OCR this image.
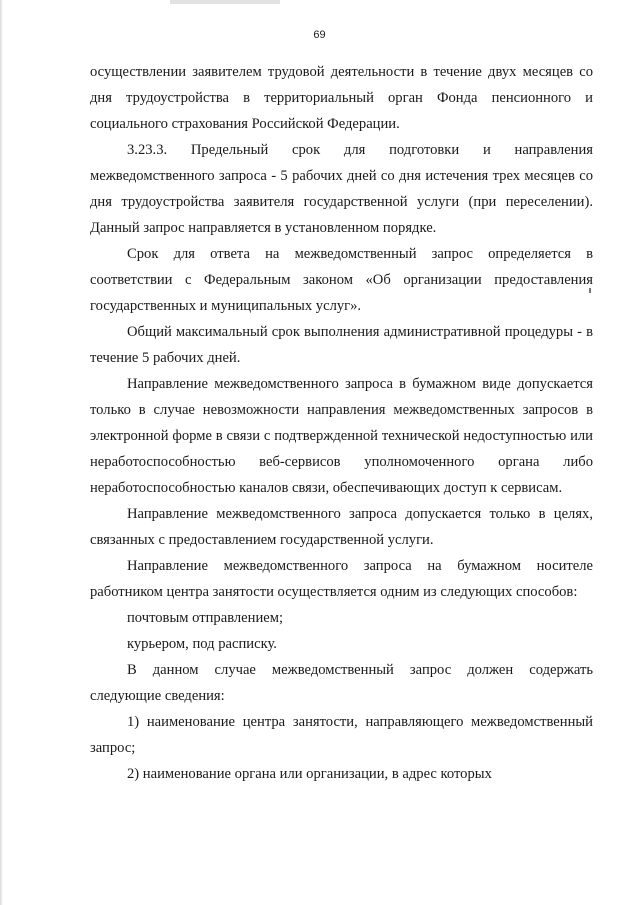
69

осуществлении заявителем трудовой деятельности в течение двух месяцев со дня трудоустройства в территориальный орган Фонда пенсионного и социального страхования Российской Федерации.

3.23.3. Предельный срок для подготовки и направления межведомственного запроса - 5 рабочих дней со дня истечения трех месяцев со дня трудоустройства заявителя государственной услуги (при переселении). Данный запрос направляется в установленном порядке.

Срок для ответа на межведомственный запрос определяется в соответствии с Федеральным законом «Об организации предоставления государственных и муниципальных услуг».

Общий максимальный срок выполнения административной процедуры - в течение 5 рабочих дней.

Направление межведомственного запроса в бумажном виде допускается только в случае невозможности направления межведомственных запросов в электронной форме в связи с подтвержденной технической недоступностью или неработоспособностью веб-сервисов уполномоченного органа либо неработоспособностью каналов связи, обеспечивающих доступ к сервисам.

Направление межведомственного запроса допускается только в целях, связанных с предоставлением государственной услуги.

Направление межведомственного запроса на бумажном носителе работником центра занятости осуществляется одним из следующих способов:

почтовым отправлением;

курьером, под расписку.

В данном случае межведомственный запрос должен содержать следующие сведения:

1) наименование центра занятости, направляющего межведомственный запрос;

2) наименование органа или организации, в адрес которых
